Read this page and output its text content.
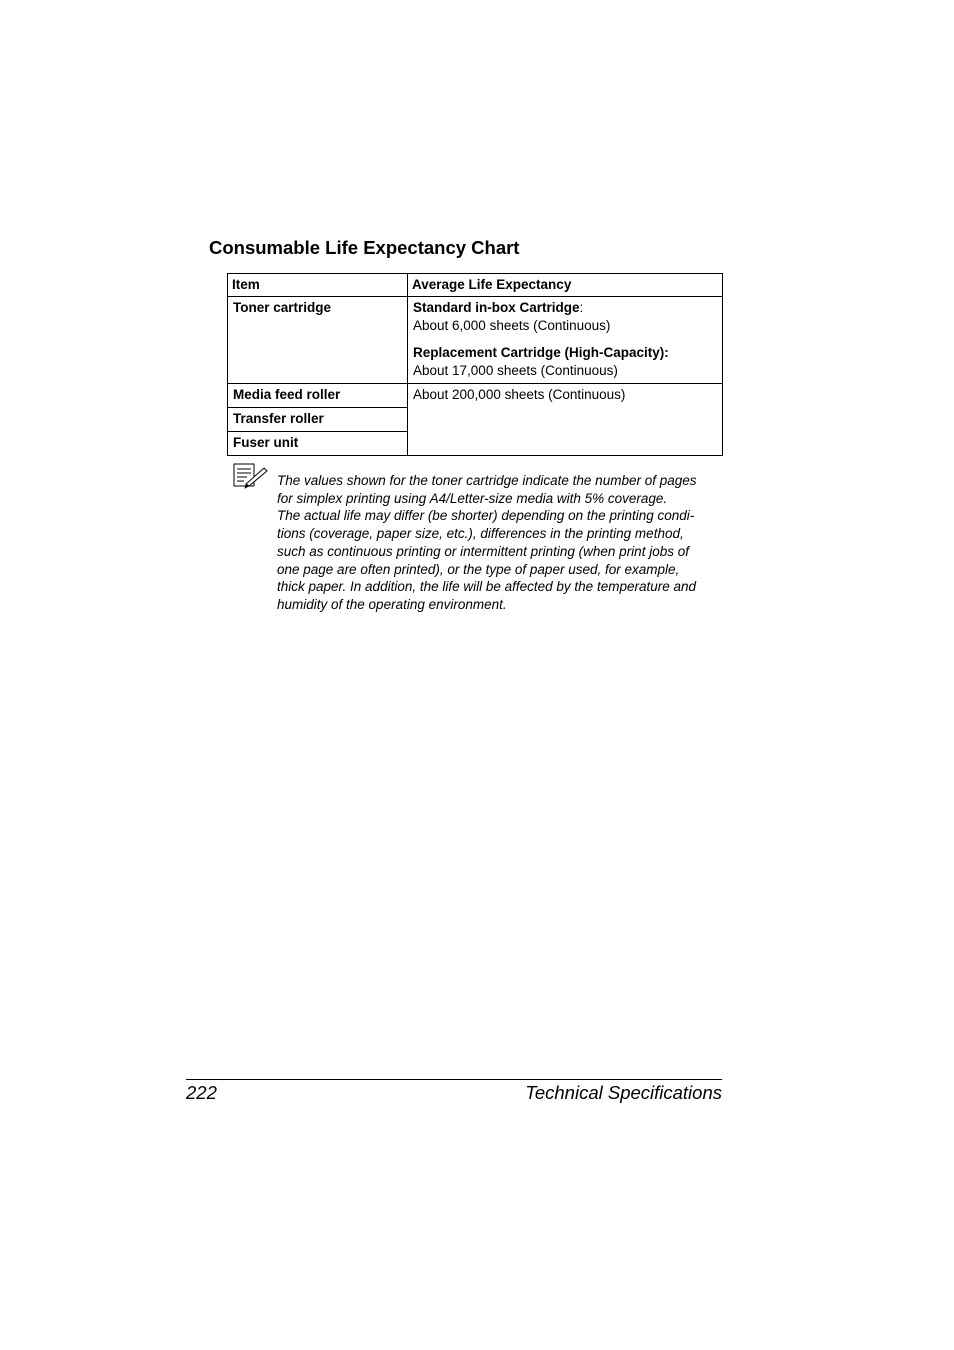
Consumable Life Expectancy Chart
Item	Average Life Expectancy
Toner cartridge	Standard in-box Cartridge:
About 6,000 sheets (Continuous)
Replacement Cartridge (High-Capacity):
About 17,000 sheets (Continuous)

Media feed roller	About 200,000 sheets (Continuous)
Transfer roller	
Fuser unit	

The values shown for the toner cartridge indicate the number of pages
for simplex printing using A4/Letter-size media with 5% coverage.
The actual life may differ (be shorter) depending on the printing condi-
tions (coverage, paper size, etc.), differences in the printing method,
such as continuous printing or intermittent printing (when print jobs of
one page are often printed), or the type of paper used, for example,
thick paper. In addition, the life will be affected by the temperature and
humidity of the operating environment.

222	Technical Specifications
